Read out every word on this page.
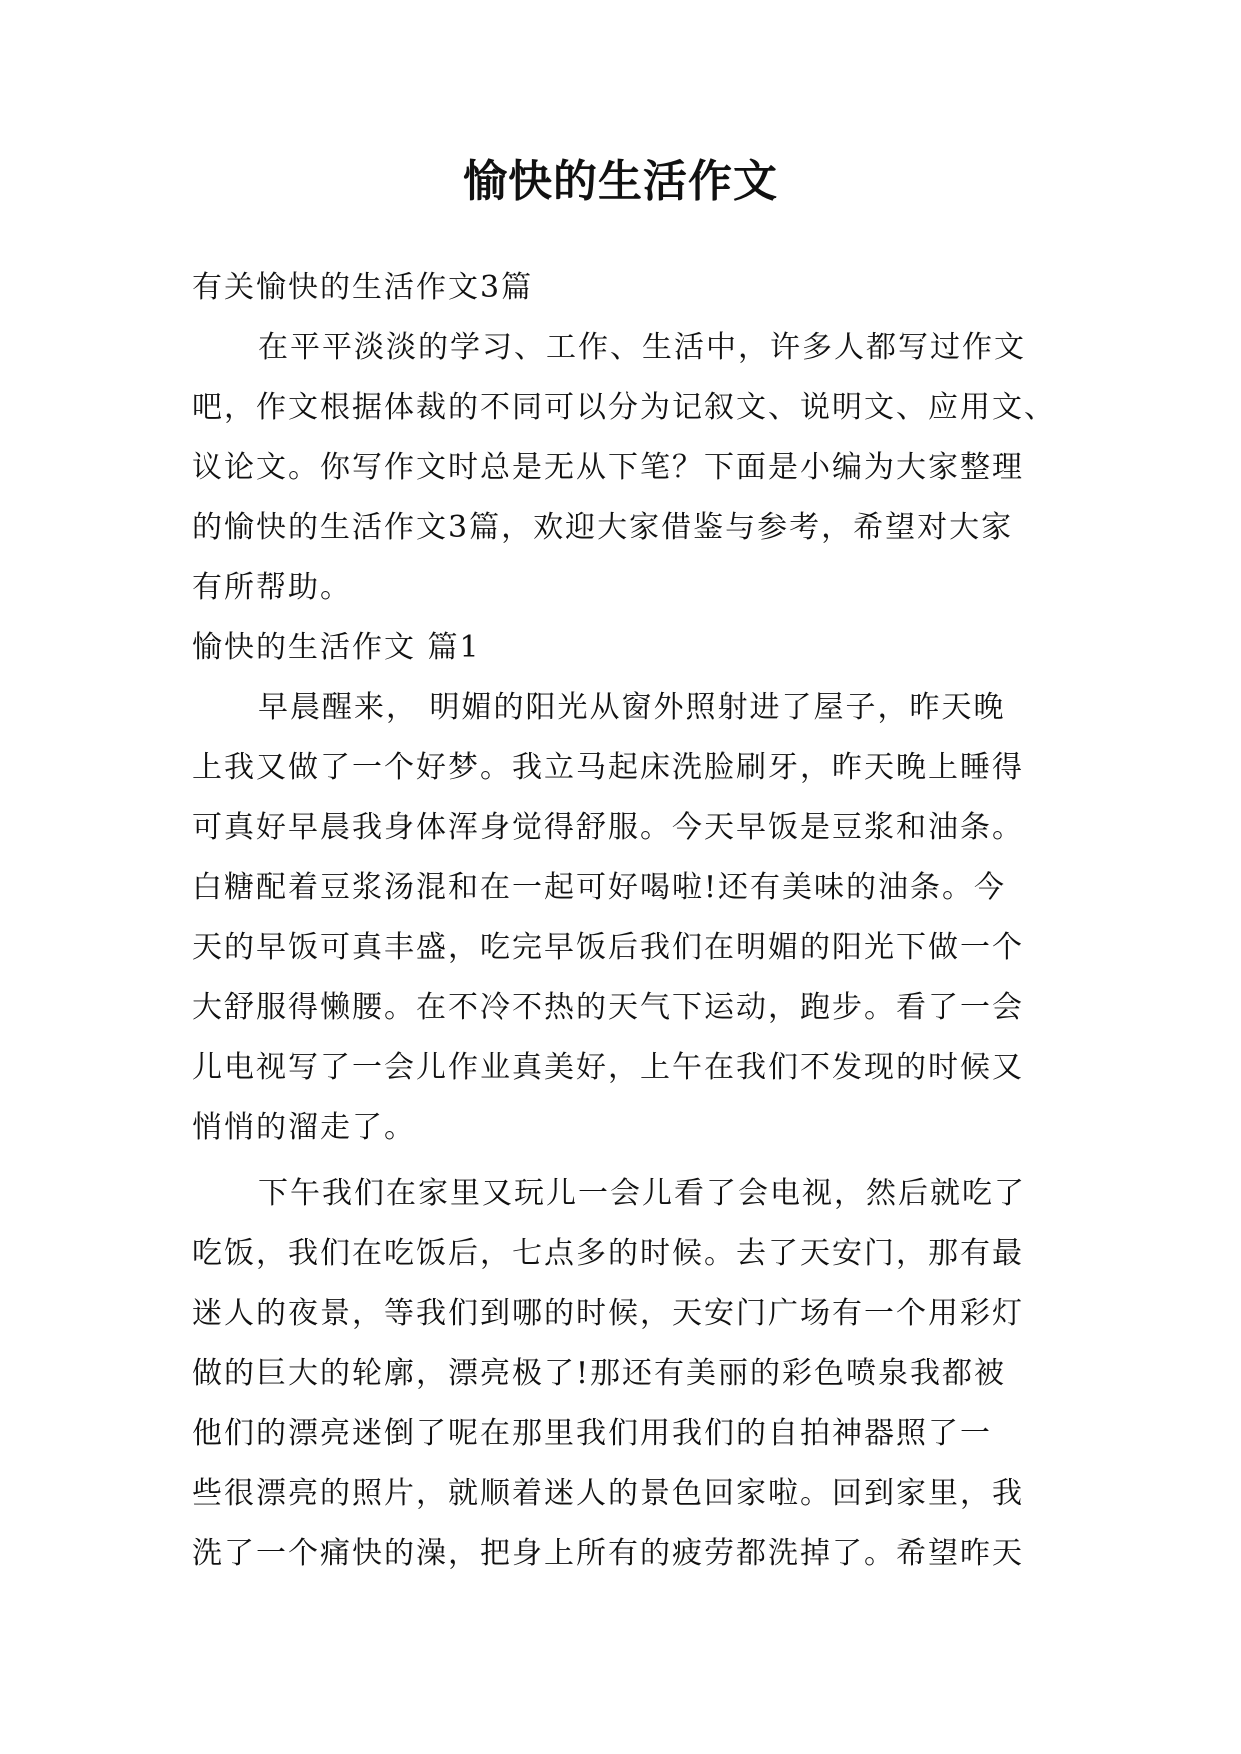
愉快的生活作文
有关愉快的生活作文3篇
在平平淡淡的学习、工作、生活中，许多人都写过作文
吧，作文根据体裁的不同可以分为记叙文、说明文、应用文、
议论文。你写作文时总是无从下笔？下面是小编为大家整理
的愉快的生活作文3篇，欢迎大家借鉴与参考，希望对大家
有所帮助。
愉快的生活作文 篇1
早晨醒来， 明媚的阳光从窗外照射进了屋子，昨天晚
上我又做了一个好梦。我立马起床洗脸刷牙，昨天晚上睡得
可真好早晨我身体浑身觉得舒服。今天早饭是豆浆和油条。
白糖配着豆浆汤混和在一起可好喝啦!还有美味的油条。今
天的早饭可真丰盛，吃完早饭后我们在明媚的阳光下做一个
大舒服得懒腰。在不冷不热的天气下运动，跑步。看了一会
儿电视写了一会儿作业真美好，上午在我们不发现的时候又
悄悄的溜走了。
下午我们在家里又玩儿一会儿看了会电视，然后就吃了
吃饭，我们在吃饭后，七点多的时候。去了天安门，那有最
迷人的夜景，等我们到哪的时候，天安门广场有一个用彩灯
做的巨大的轮廓，漂亮极了!那还有美丽的彩色喷泉我都被
他们的漂亮迷倒了呢在那里我们用我们的自拍神器照了一
些很漂亮的照片，就顺着迷人的景色回家啦。回到家里，我
洗了一个痛快的澡，把身上所有的疲劳都洗掉了。希望昨天
